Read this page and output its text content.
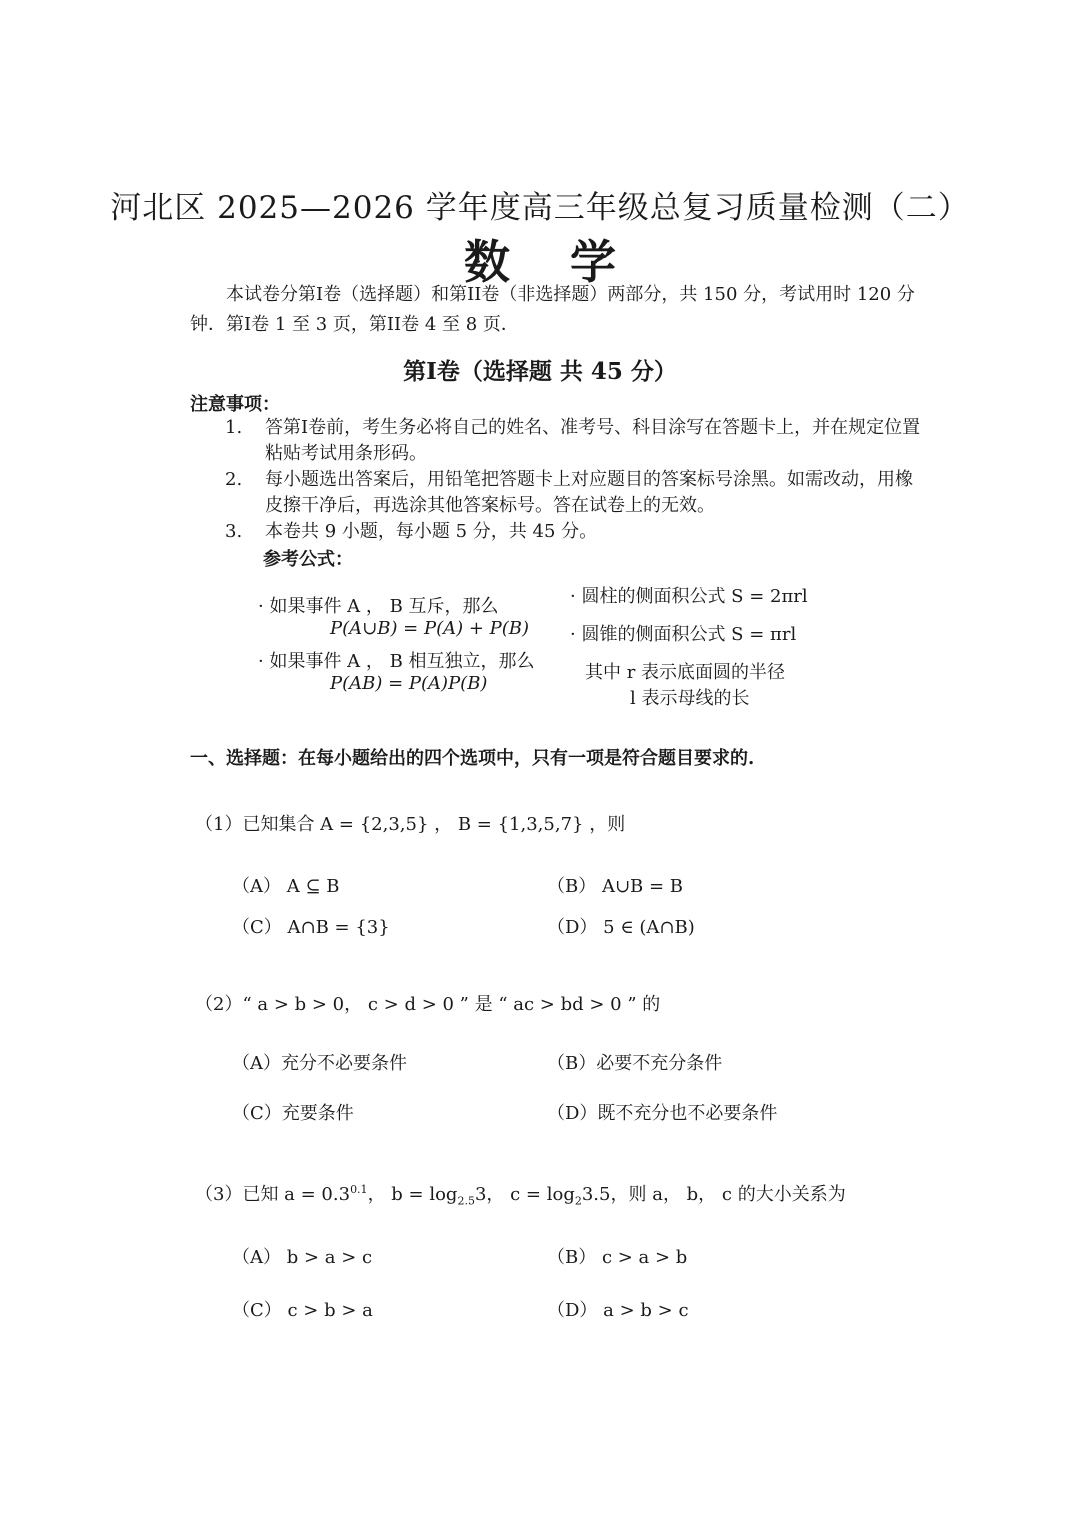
河北区 2025—2026 学年度高三年级总复习质量检测（二）
数学
本试卷分第I卷（选择题）和第II卷（非选择题）两部分，共 150 分，考试用时 120 分钟．第I卷 1 至 3 页，第II卷 4 至 8 页．
第I卷（选择题 共 45 分）
注意事项：
1. 答第I卷前，考生务必将自己的姓名、准考号、科目涂写在答题卡上，并在规定位置粘贴考试用条形码。
2. 每小题选出答案后，用铅笔把答题卡上对应题目的答案标号涂黑。如需改动，用橡皮擦干净后，再选涂其他答案标号。答在试卷上的无效。
3. 本卷共 9 小题，每小题 5 分，共 45 分。
参考公式：
· 如果事件 A ， B 互斥，那么
P(A∪B) = P(A) + P(B)
· 如果事件 A ， B 相互独立，那么
P(AB) = P(A)P(B)
· 圆柱的侧面积公式 S = 2πrl
· 圆锥的侧面积公式 S = πrl
其中 r 表示底面圆的半径
l 表示母线的长
一、选择题：在每小题给出的四个选项中，只有一项是符合题目要求的.
（1）已知集合 A = {2,3,5} ， B = {1,3,5,7} ，则
（A） A ⊆ B	（B） A∪B = B
（C） A∩B = {3}	（D） 5 ∈ (A∩B)
（2）“ a > b > 0， c > d > 0 ” 是 “ ac > bd > 0 ” 的
（A）充分不必要条件	（B）必要不充分条件
（C）充要条件	（D）既不充分也不必要条件
（3）已知 $a = 0.3^{0.1}$， $b = \log_{2.5}3$， $c = \log_23.5$，则 a， b， c 的大小关系为
（A） b > a > c	（B） c > a > b
（C） c > b > a	（D） a > b > c
